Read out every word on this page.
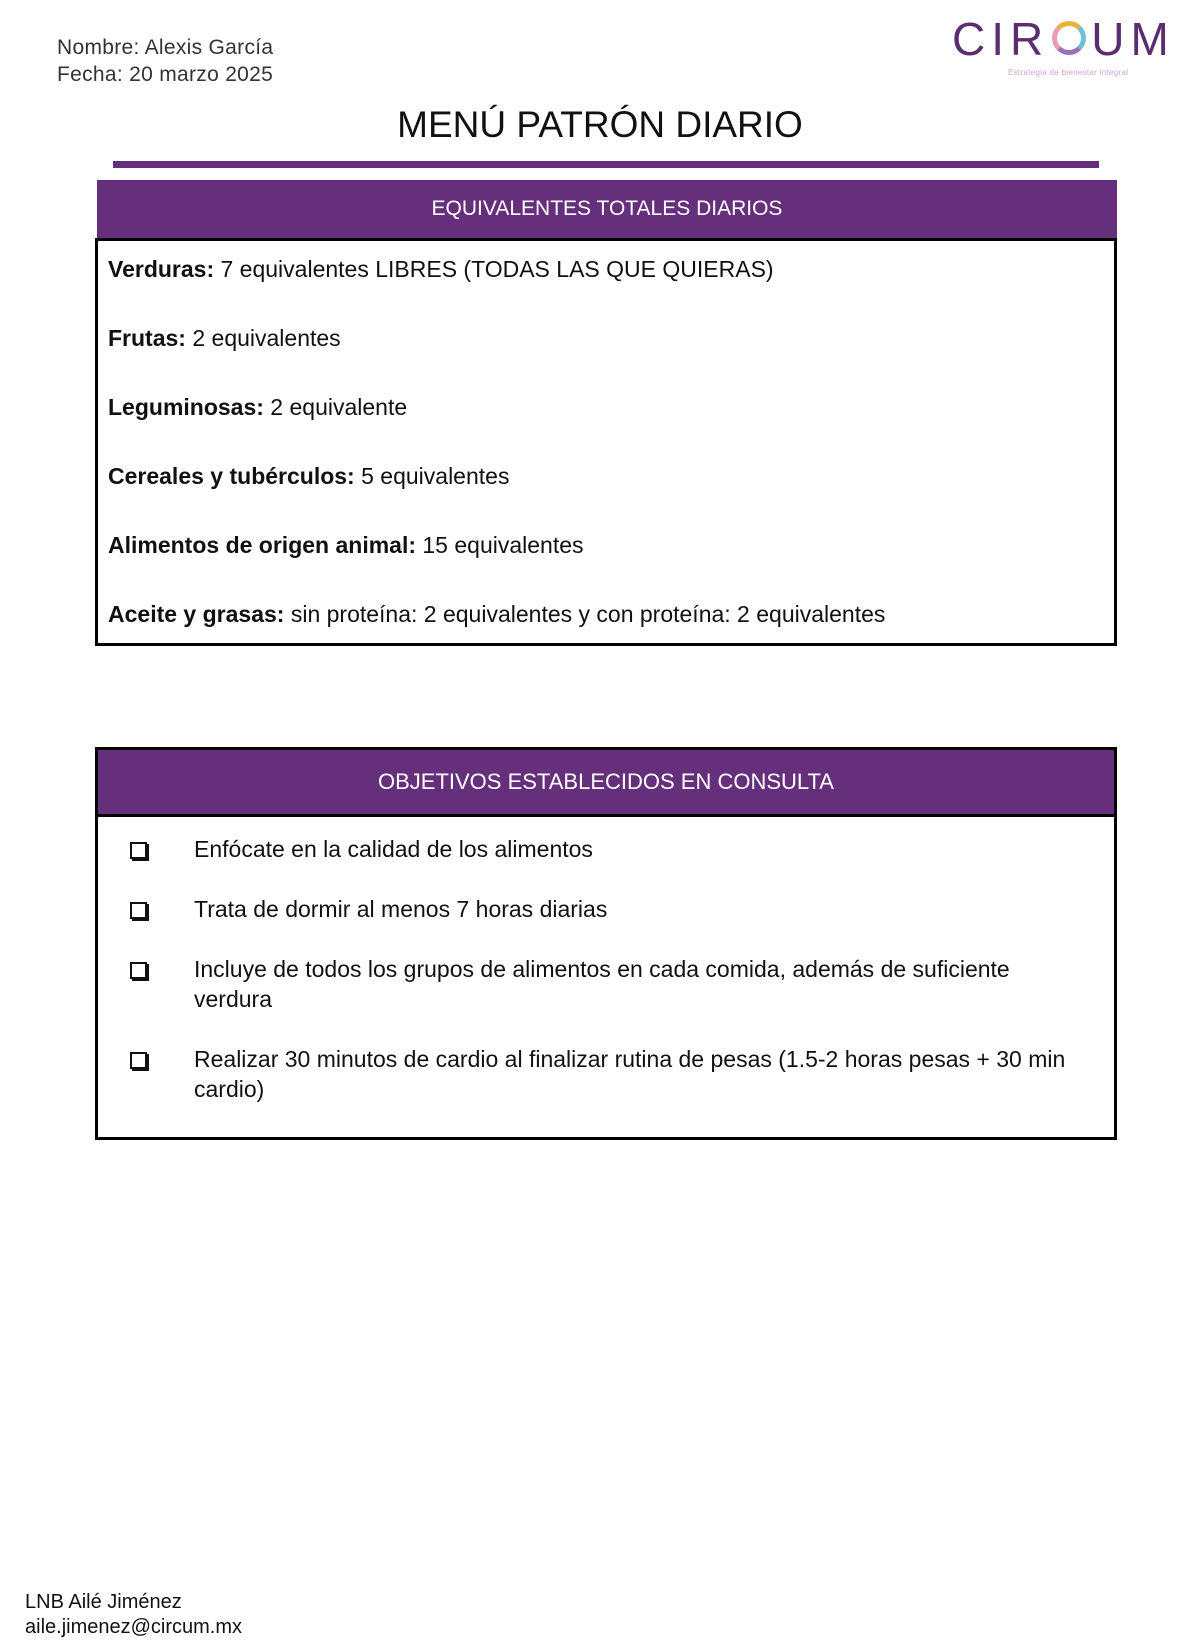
Nombre: Alexis García
Fecha: 20 marzo 2025
CIR UM
Estrategia de bienestar integral
MENÚ PATRÓN DIARIO
EQUIVALENTES TOTALES DIARIOS
Verduras: 7 equivalentes LIBRES (TODAS LAS QUE QUIERAS)
Frutas: 2 equivalentes
Leguminosas: 2 equivalente
Cereales y tubérculos: 5 equivalentes
Alimentos de origen animal: 15 equivalentes
Aceite y grasas: sin proteína: 2 equivalentes y con proteína: 2 equivalentes
OBJETIVOS ESTABLECIDOS EN CONSULTA
Enfócate en la calidad de los alimentos
Trata de dormir al menos 7 horas diarias
Incluye de todos los grupos de alimentos en cada comida, además de suficiente verdura
Realizar 30 minutos de cardio al finalizar rutina de pesas (1.5-2 horas pesas + 30 min cardio)
LNB Ailé Jiménez
aile.jimenez@circum.mx
